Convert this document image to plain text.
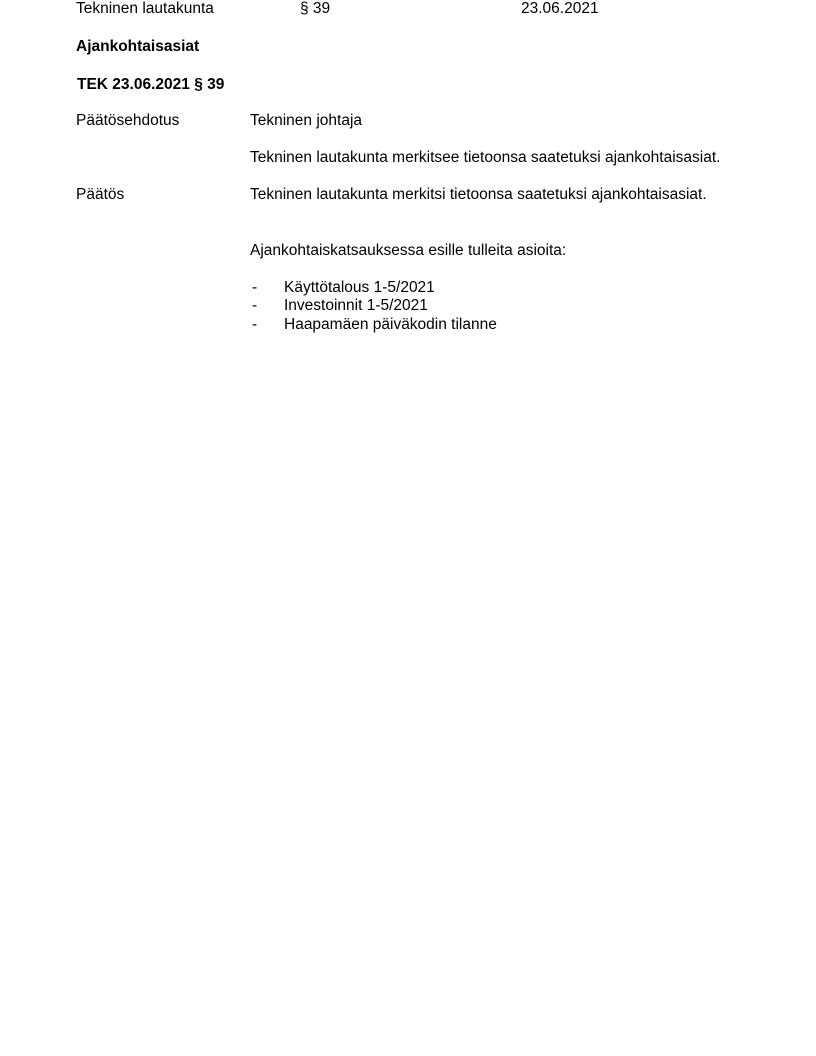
Tekninen lautakunta	§ 39	23.06.2021
Ajankohtaisasiat
TEK 23.06.2021 § 39
Päätösehdotus	Tekninen johtaja
Tekninen lautakunta merkitsee tietoonsa saatetuksi ajankohtaisasiat.
Päätös	Tekninen lautakunta merkitsi tietoonsa saatetuksi ajankohtaisasiat.
Ajankohtaiskatsauksessa esille tulleita asioita:
- Käyttötalous 1-5/2021
- Investoinnit 1-5/2021
- Haapamäen päiväkodin tilanne
